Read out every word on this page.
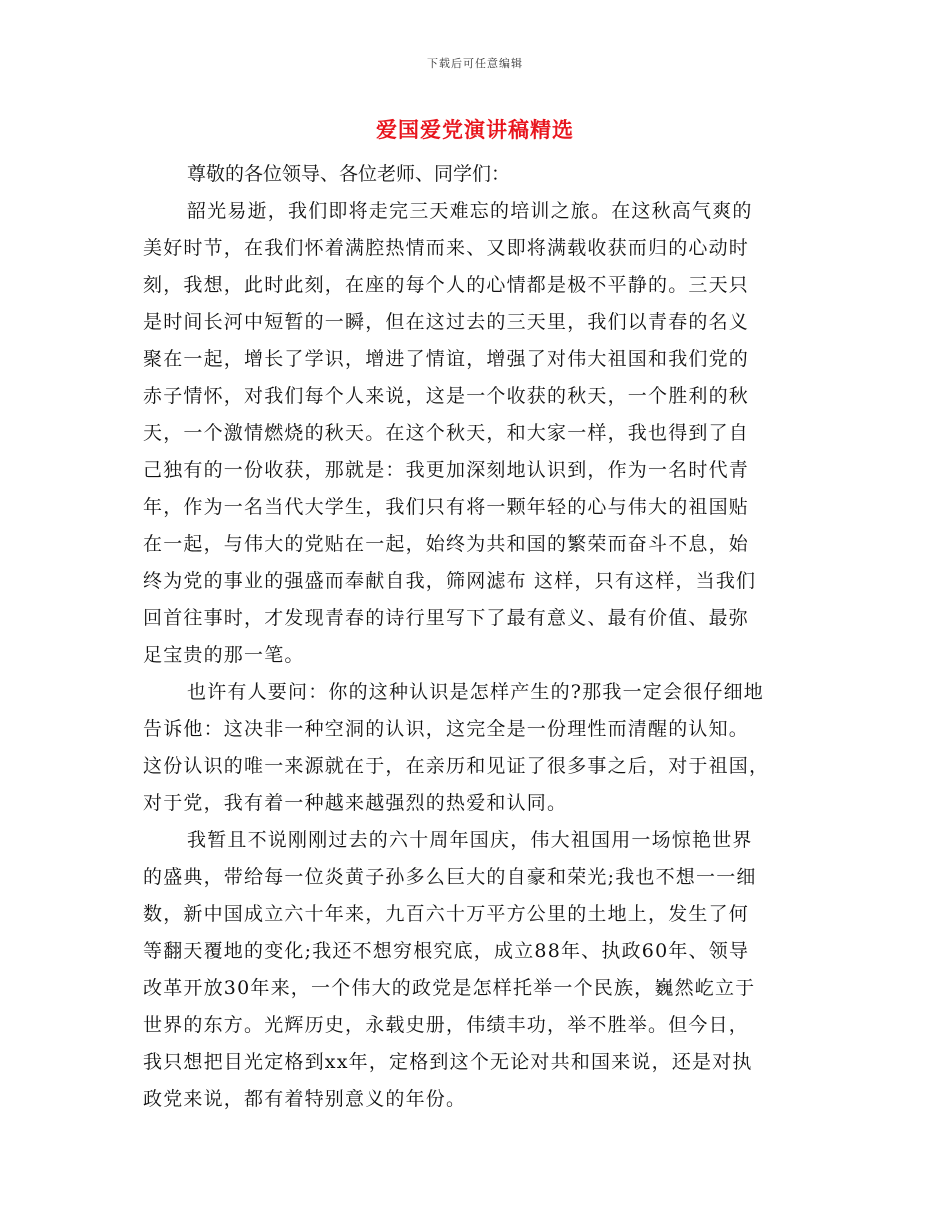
下载后可任意编辑
爱国爱党演讲稿精选

尊敬的各位领导、各位老师、同学们：

韶光易逝，我们即将走完三天难忘的培训之旅。在这秋高气爽的
美好时节，在我们怀着满腔热情而来、又即将满载收获而归的心动时
刻，我想，此时此刻，在座的每个人的心情都是极不平静的。三天只
是时间长河中短暂的一瞬，但在这过去的三天里，我们以青春的名义
聚在一起，增长了学识，增进了情谊，增强了对伟大祖国和我们党的
赤子情怀，对我们每个人来说，这是一个收获的秋天，一个胜利的秋
天，一个激情燃烧的秋天。在这个秋天，和大家一样，我也得到了自
己独有的一份收获，那就是：我更加深刻地认识到，作为一名时代青
年，作为一名当代大学生，我们只有将一颗年轻的心与伟大的祖国贴
在一起，与伟大的党贴在一起，始终为共和国的繁荣而奋斗不息，始
终为党的事业的强盛而奉献自我，筛网滤布 这样，只有这样，当我们
回首往事时，才发现青春的诗行里写下了最有意义、最有价值、最弥
足宝贵的那一笔。

也许有人要问：你的这种认识是怎样产生的?那我一定会很仔细地
告诉他：这决非一种空洞的认识，这完全是一份理性而清醒的认知。
这份认识的唯一来源就在于，在亲历和见证了很多事之后，对于祖国，
对于党，我有着一种越来越强烈的热爱和认同。

我暂且不说刚刚过去的六十周年国庆，伟大祖国用一场惊艳世界
的盛典，带给每一位炎黄子孙多么巨大的自豪和荣光;我也不想一一细
数，新中国成立六十年来，九百六十万平方公里的土地上，发生了何
等翻天覆地的变化;我还不想穷根究底，成立88年、执政60年、领导
改革开放30年来，一个伟大的政党是怎样托举一个民族，巍然屹立于
世界的东方。光辉历史，永载史册，伟绩丰功，举不胜举。但今日，
我只想把目光定格到xx年，定格到这个无论对共和国来说，还是对执
政党来说，都有着特别意义的年份。
